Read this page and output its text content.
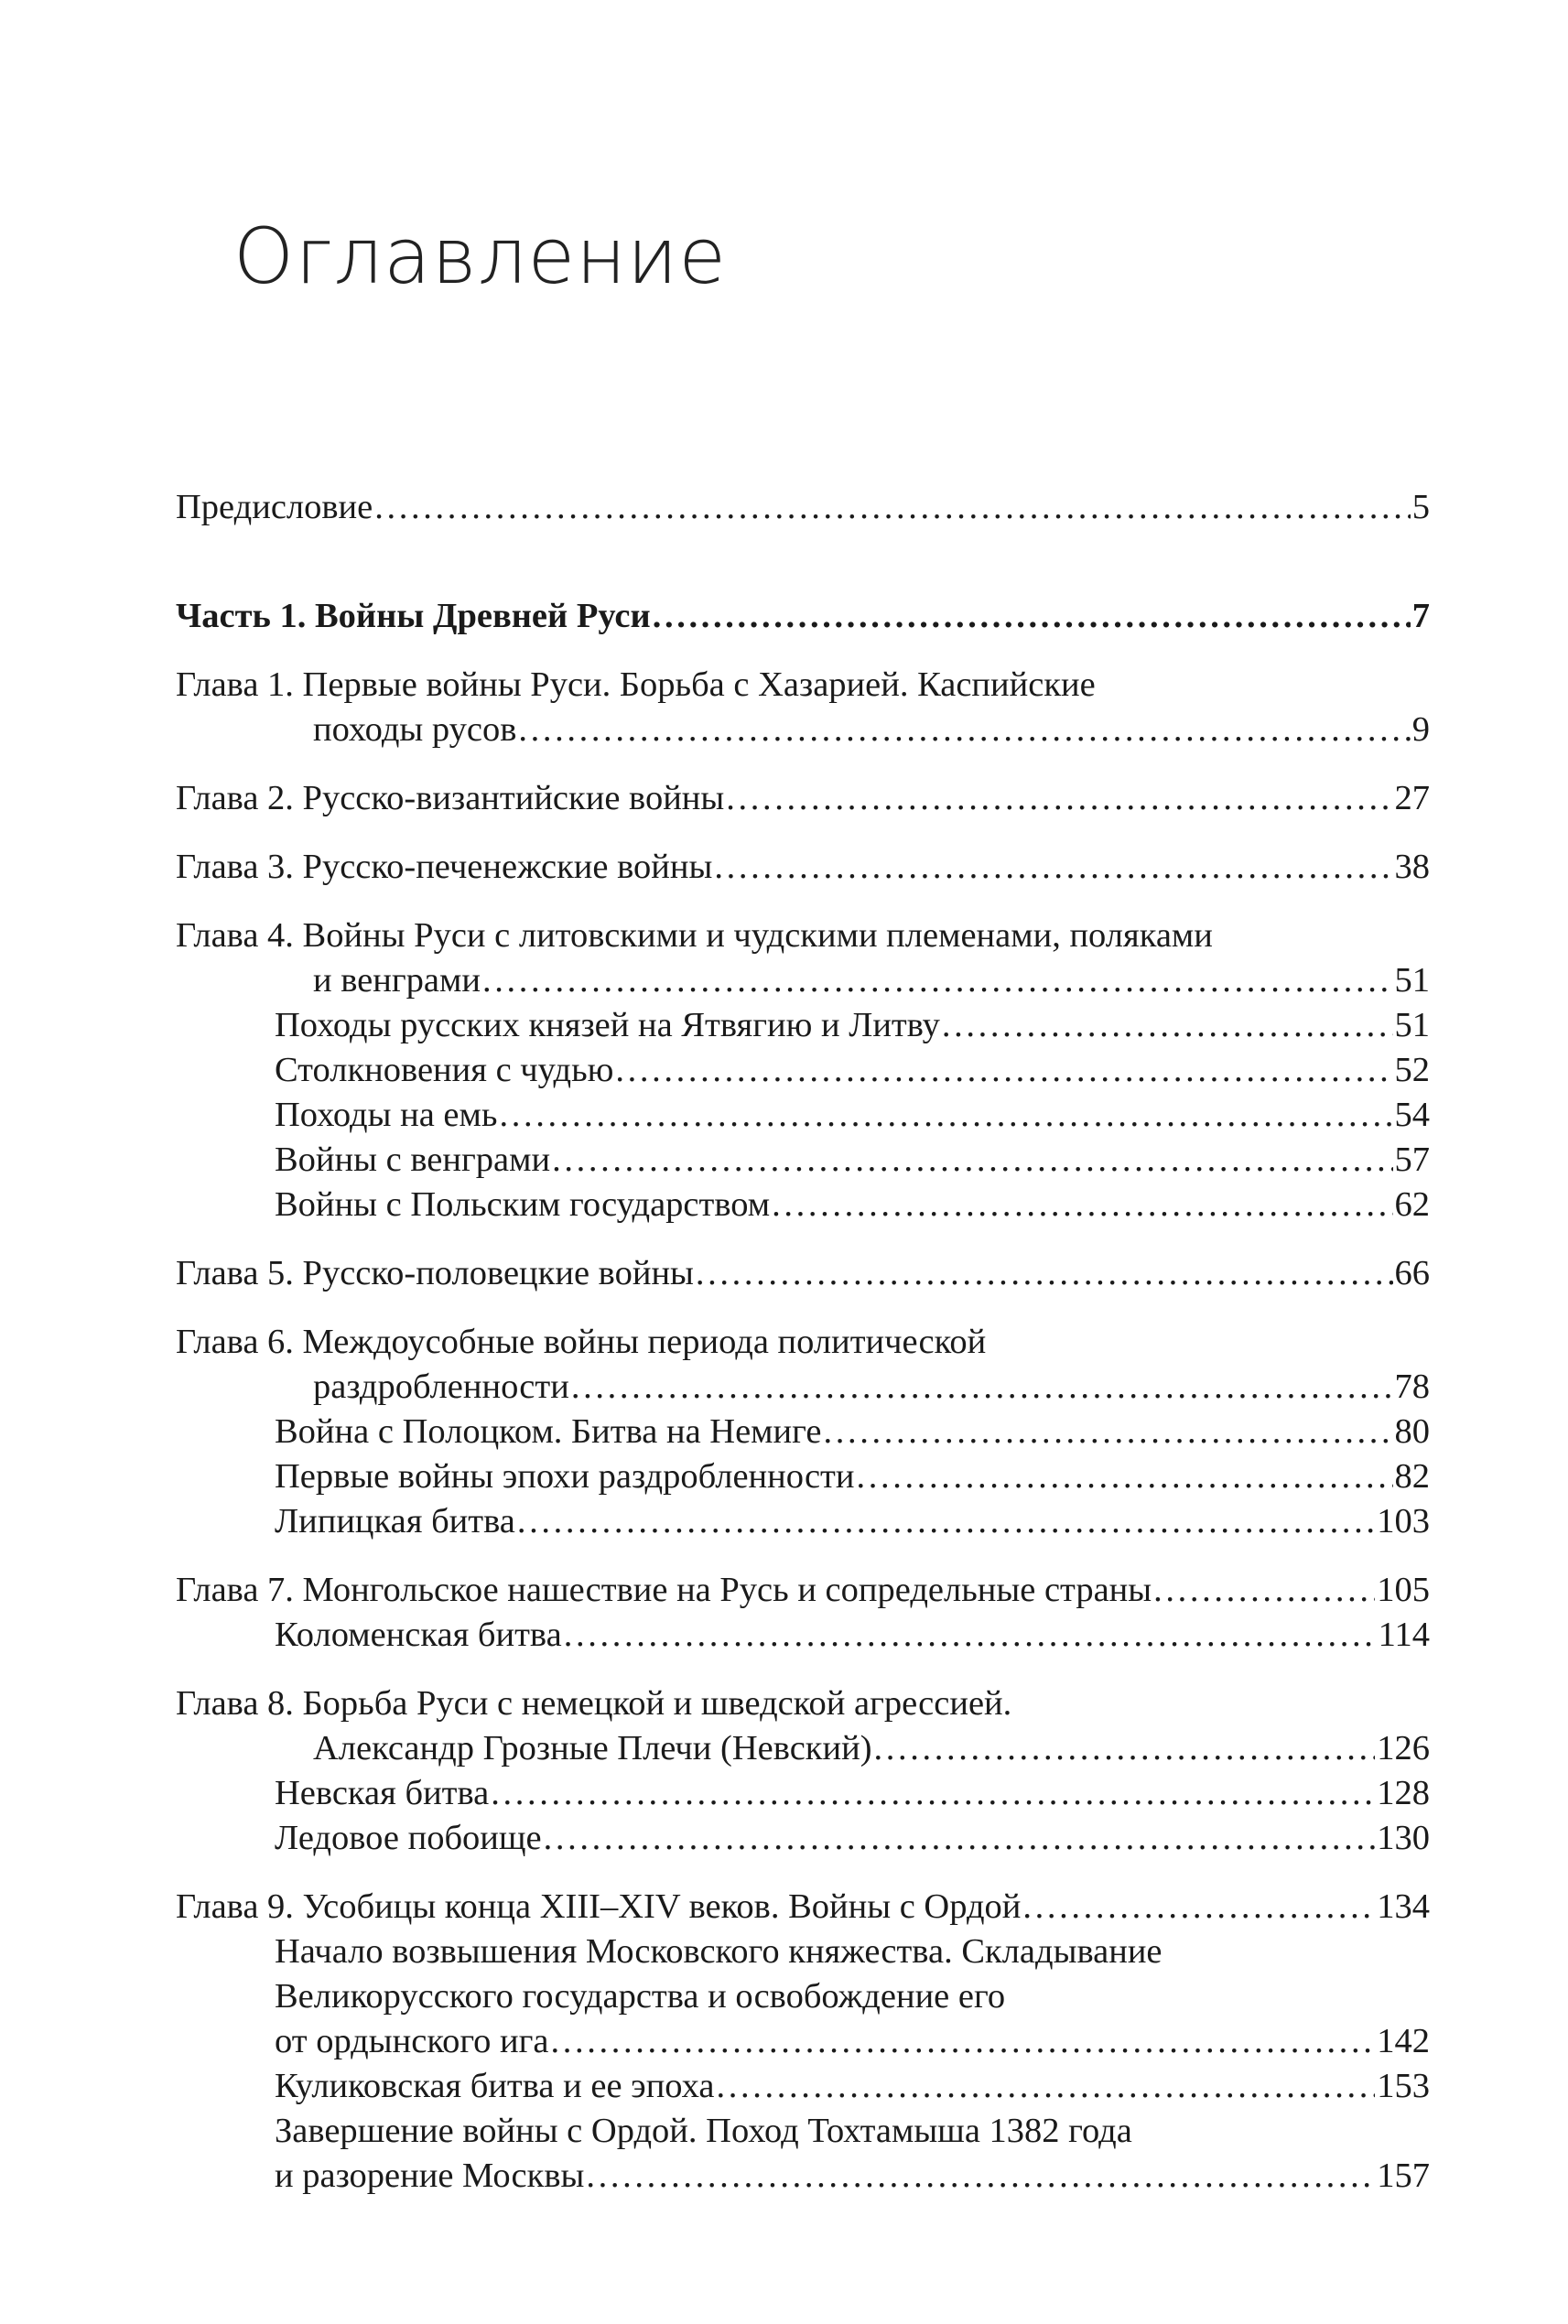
Оглавление
Предисловие . . .	5
Часть 1. Войны Древней Руси . . .	7
Глава 1. Первые войны Руси. Борьба с Хазарией. Каспийские
походы русов . . .	9
Глава 2. Русско-византийские войны . . .	27
Глава 3. Русско-печенежские войны . . .	38
Глава 4. Войны Руси с литовскими и чудскими племенами, поляками
и венграми . . .	51
Походы русских князей на Ятвягию и Литву . . .	51
Столкновения с чудью . . .	52
Походы на емь . . .	54
Войны с венграми . . .	57
Войны с Польским государством . . .	62
Глава 5. Русско-половецкие войны . . .	66
Глава 6. Междоусобные войны периода политической
раздробленности . . .	78
Война с Полоцком. Битва на Немиге . . .	80
Первые войны эпохи раздробленности . . .	82
Липицкая битва . . .	103
Глава 7. Монгольское нашествие на Русь и сопредельные страны . . .	105
Коломенская битва . . .	114
Глава 8. Борьба Руси с немецкой и шведской агрессией.
Александр Грозные Плечи (Невский) . . .	126
Невская битва . . .	128
Ледовое побоище . . .	130
Глава 9. Усобицы конца XIII–XIV веков. Войны с Ордой . . .	134
Начало возвышения Московского княжества. Складывание
Великорусского государства и освобождение его
от ордынского ига . . .	142
Куликовская битва и ее эпоха . . .	153
Завершение войны с Ордой. Поход Тохтамыша 1382 года
и разорение Москвы . . .	157
